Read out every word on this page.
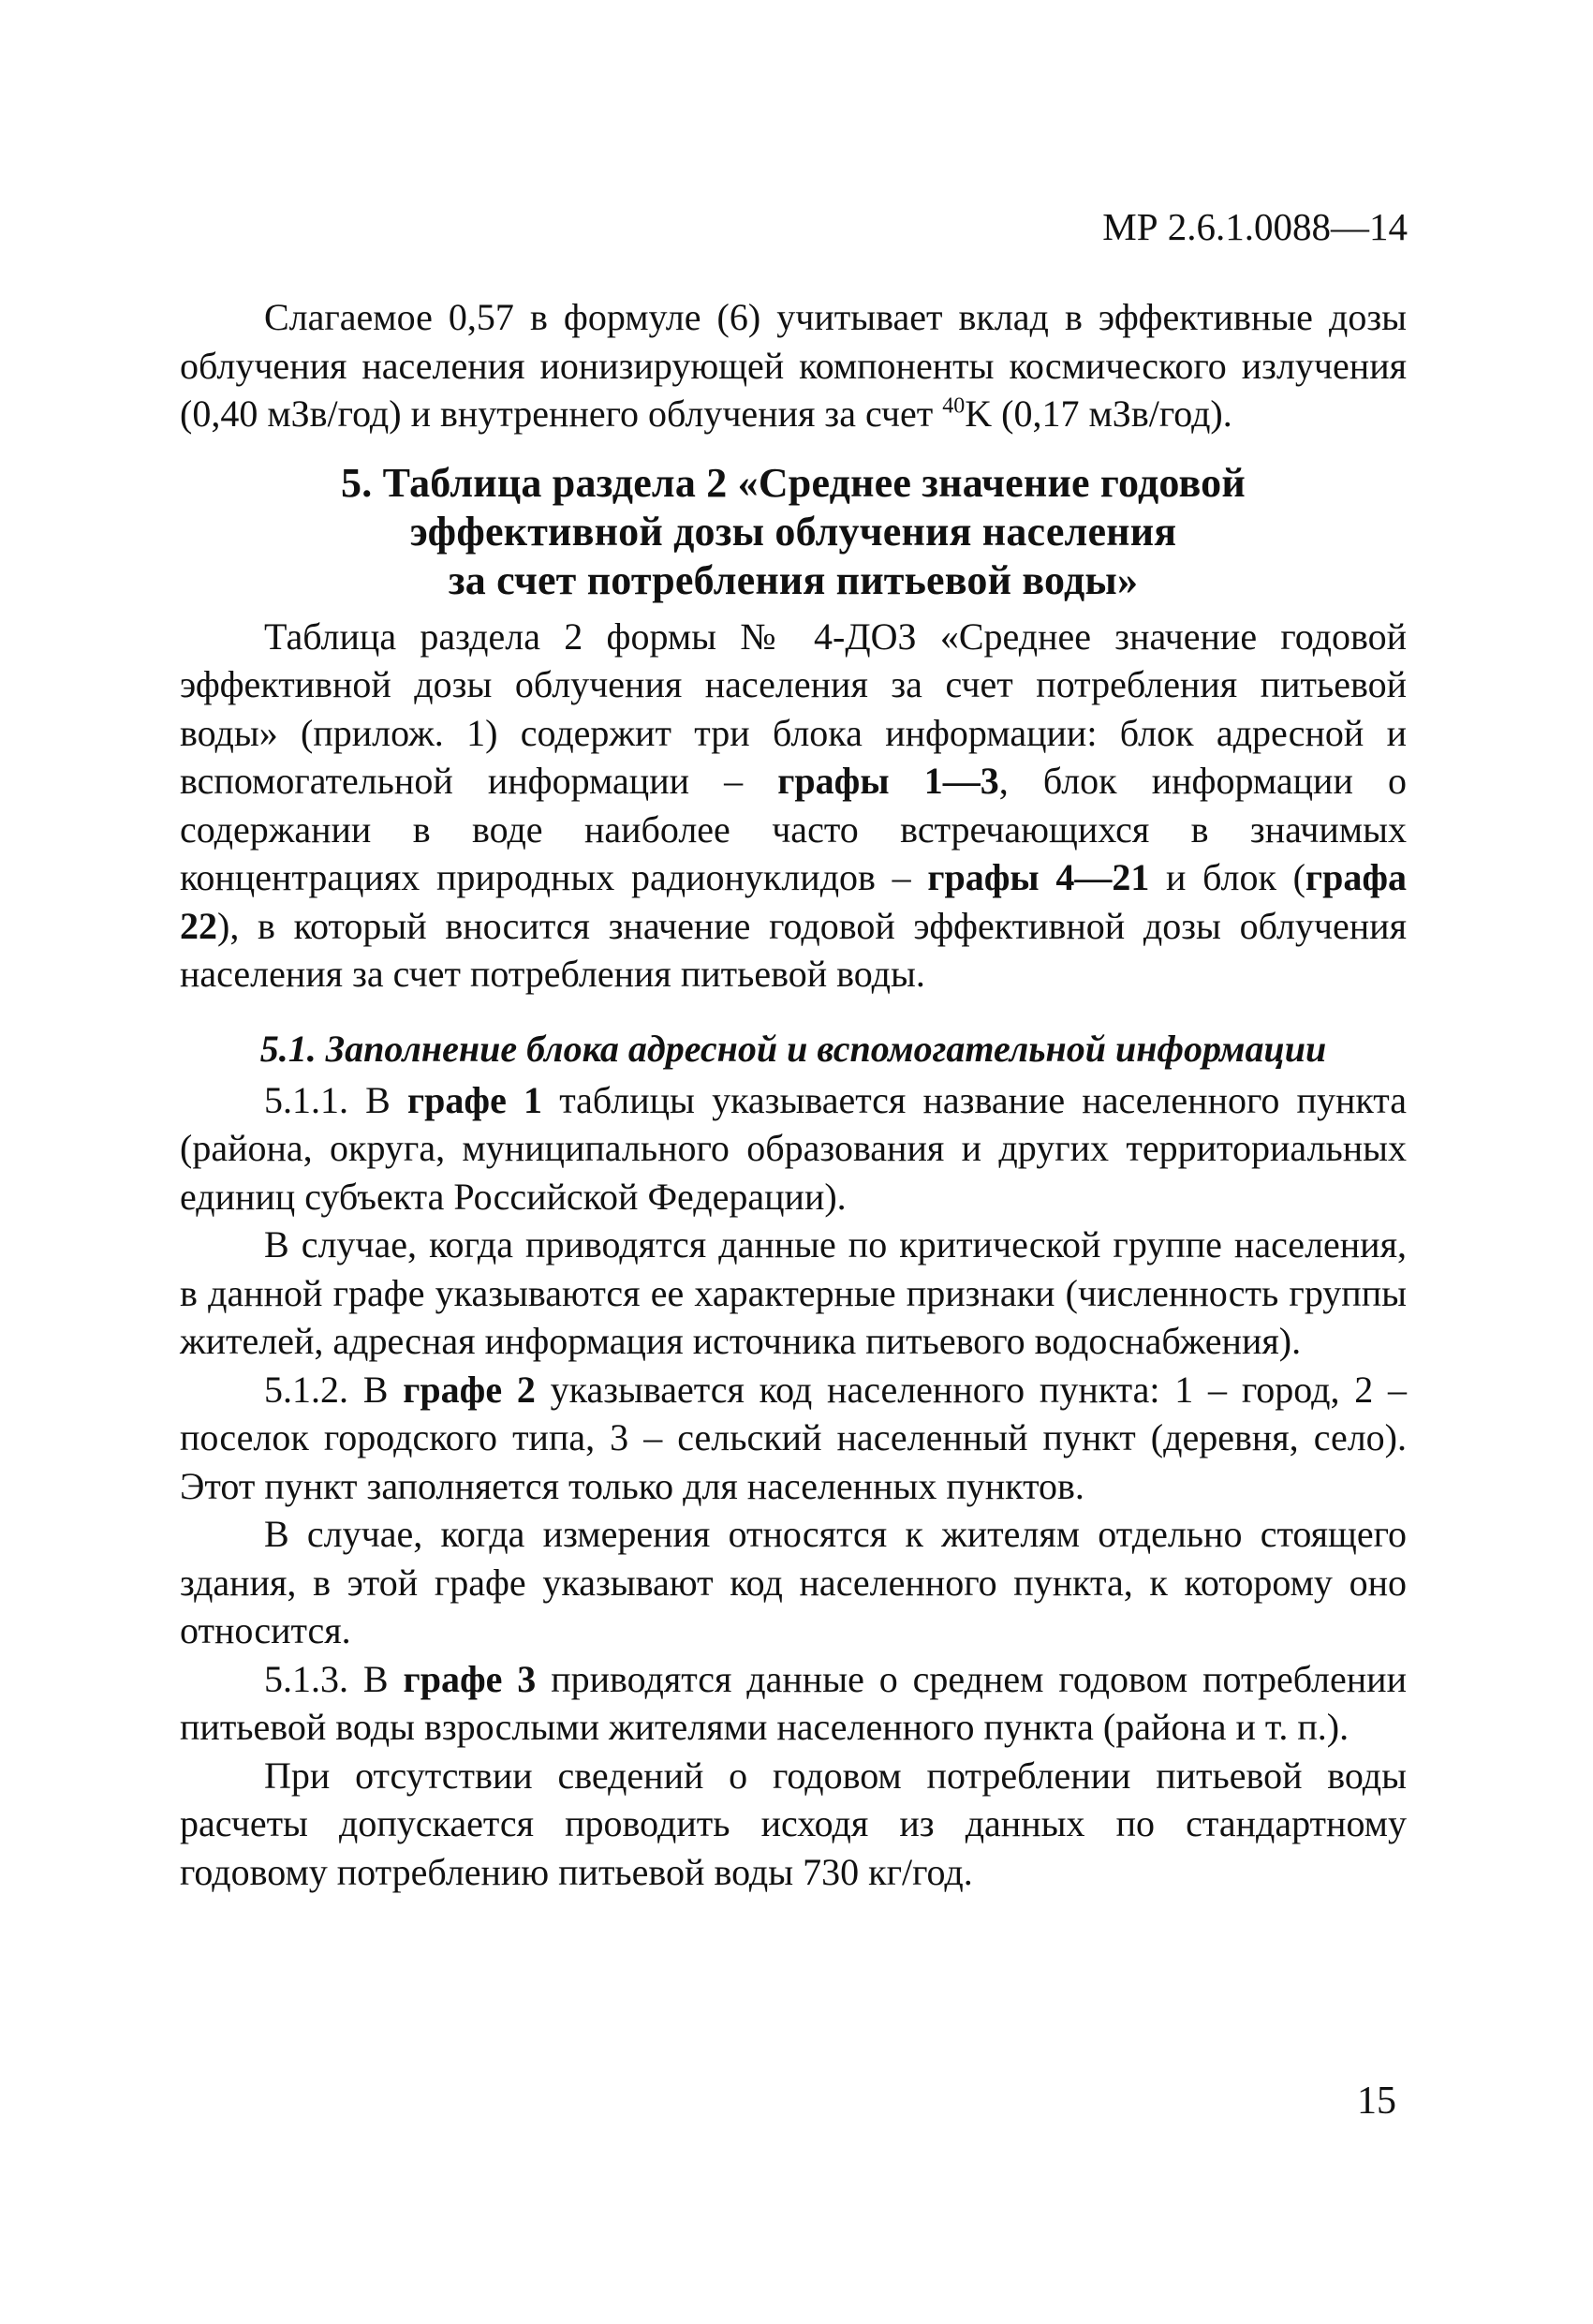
МР 2.6.1.0088—14

Слагаемое 0,57 в формуле (6) учитывает вклад в эффективные дозы облучения населения ионизирующей компоненты космического излучения (0,40 мЗв/год) и внутреннего облучения за счет $^{40}$K (0,17 мЗв/год).

5. Таблица раздела 2 «Среднее значение годовой
эффективной дозы облучения населения
за счет потребления питьевой воды»

Таблица раздела 2 формы № 4-ДОЗ «Среднее значение годовой эффективной дозы облучения населения за счет потребления питьевой воды» (прилож. 1) содержит три блока информации: блок адресной и вспомогательной информации – графы 1—3, блок информации о содержании в воде наиболее часто встречающихся в значимых концентрациях природных радионуклидов – графы 4—21 и блок (графа 22), в который вносится значение годовой эффективной дозы облучения населения за счет потребления питьевой воды.

5.1. Заполнение блока адресной и вспомогательной информации

5.1.1. В графе 1 таблицы указывается название населенного пункта (района, округа, муниципального образования и других территориальных единиц субъекта Российской Федерации).

В случае, когда приводятся данные по критической группе населения, в данной графе указываются ее характерные признаки (численность группы жителей, адресная информация источника питьевого водоснабжения).

5.1.2. В графе 2 указывается код населенного пункта: 1 – город, 2 – поселок городского типа, 3 – сельский населенный пункт (деревня, село). Этот пункт заполняется только для населенных пунктов.

В случае, когда измерения относятся к жителям отдельно стоящего здания, в этой графе указывают код населенного пункта, к которому оно относится.

5.1.3. В графе 3 приводятся данные о среднем годовом потреблении питьевой воды взрослыми жителями населенного пункта (района и т. п.).

При отсутствии сведений о годовом потреблении питьевой воды расчеты допускается проводить исходя из данных по стандартному годовому потреблению питьевой воды 730 кг/год.

15
